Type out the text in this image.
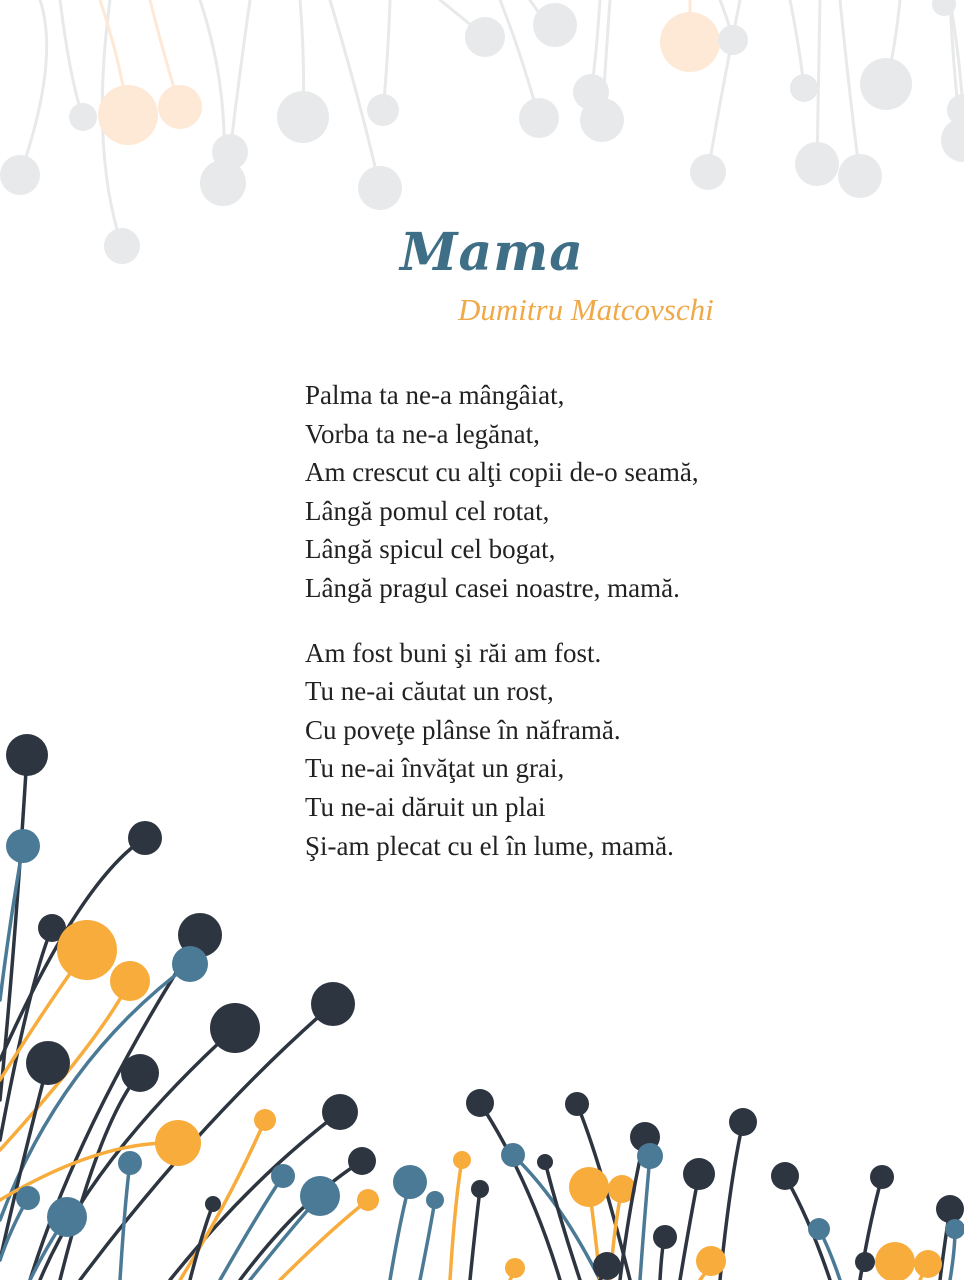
Mama
Dumitru Matcovschi
Palma ta ne-a mângâiat,
Vorba ta ne-a legănat,
Am crescut cu alţi copii de-o seamă,
Lângă pomul cel rotat,
Lângă spicul cel bogat,
Lângă pragul casei noastre, mamă.
Am fost buni şi răi am fost.
Tu ne-ai căutat un rost,
Cu poveţe plânse în năframă.
Tu ne-ai învăţat un grai,
Tu ne-ai dăruit un plai
Şi-am plecat cu el în lume, mamă.
